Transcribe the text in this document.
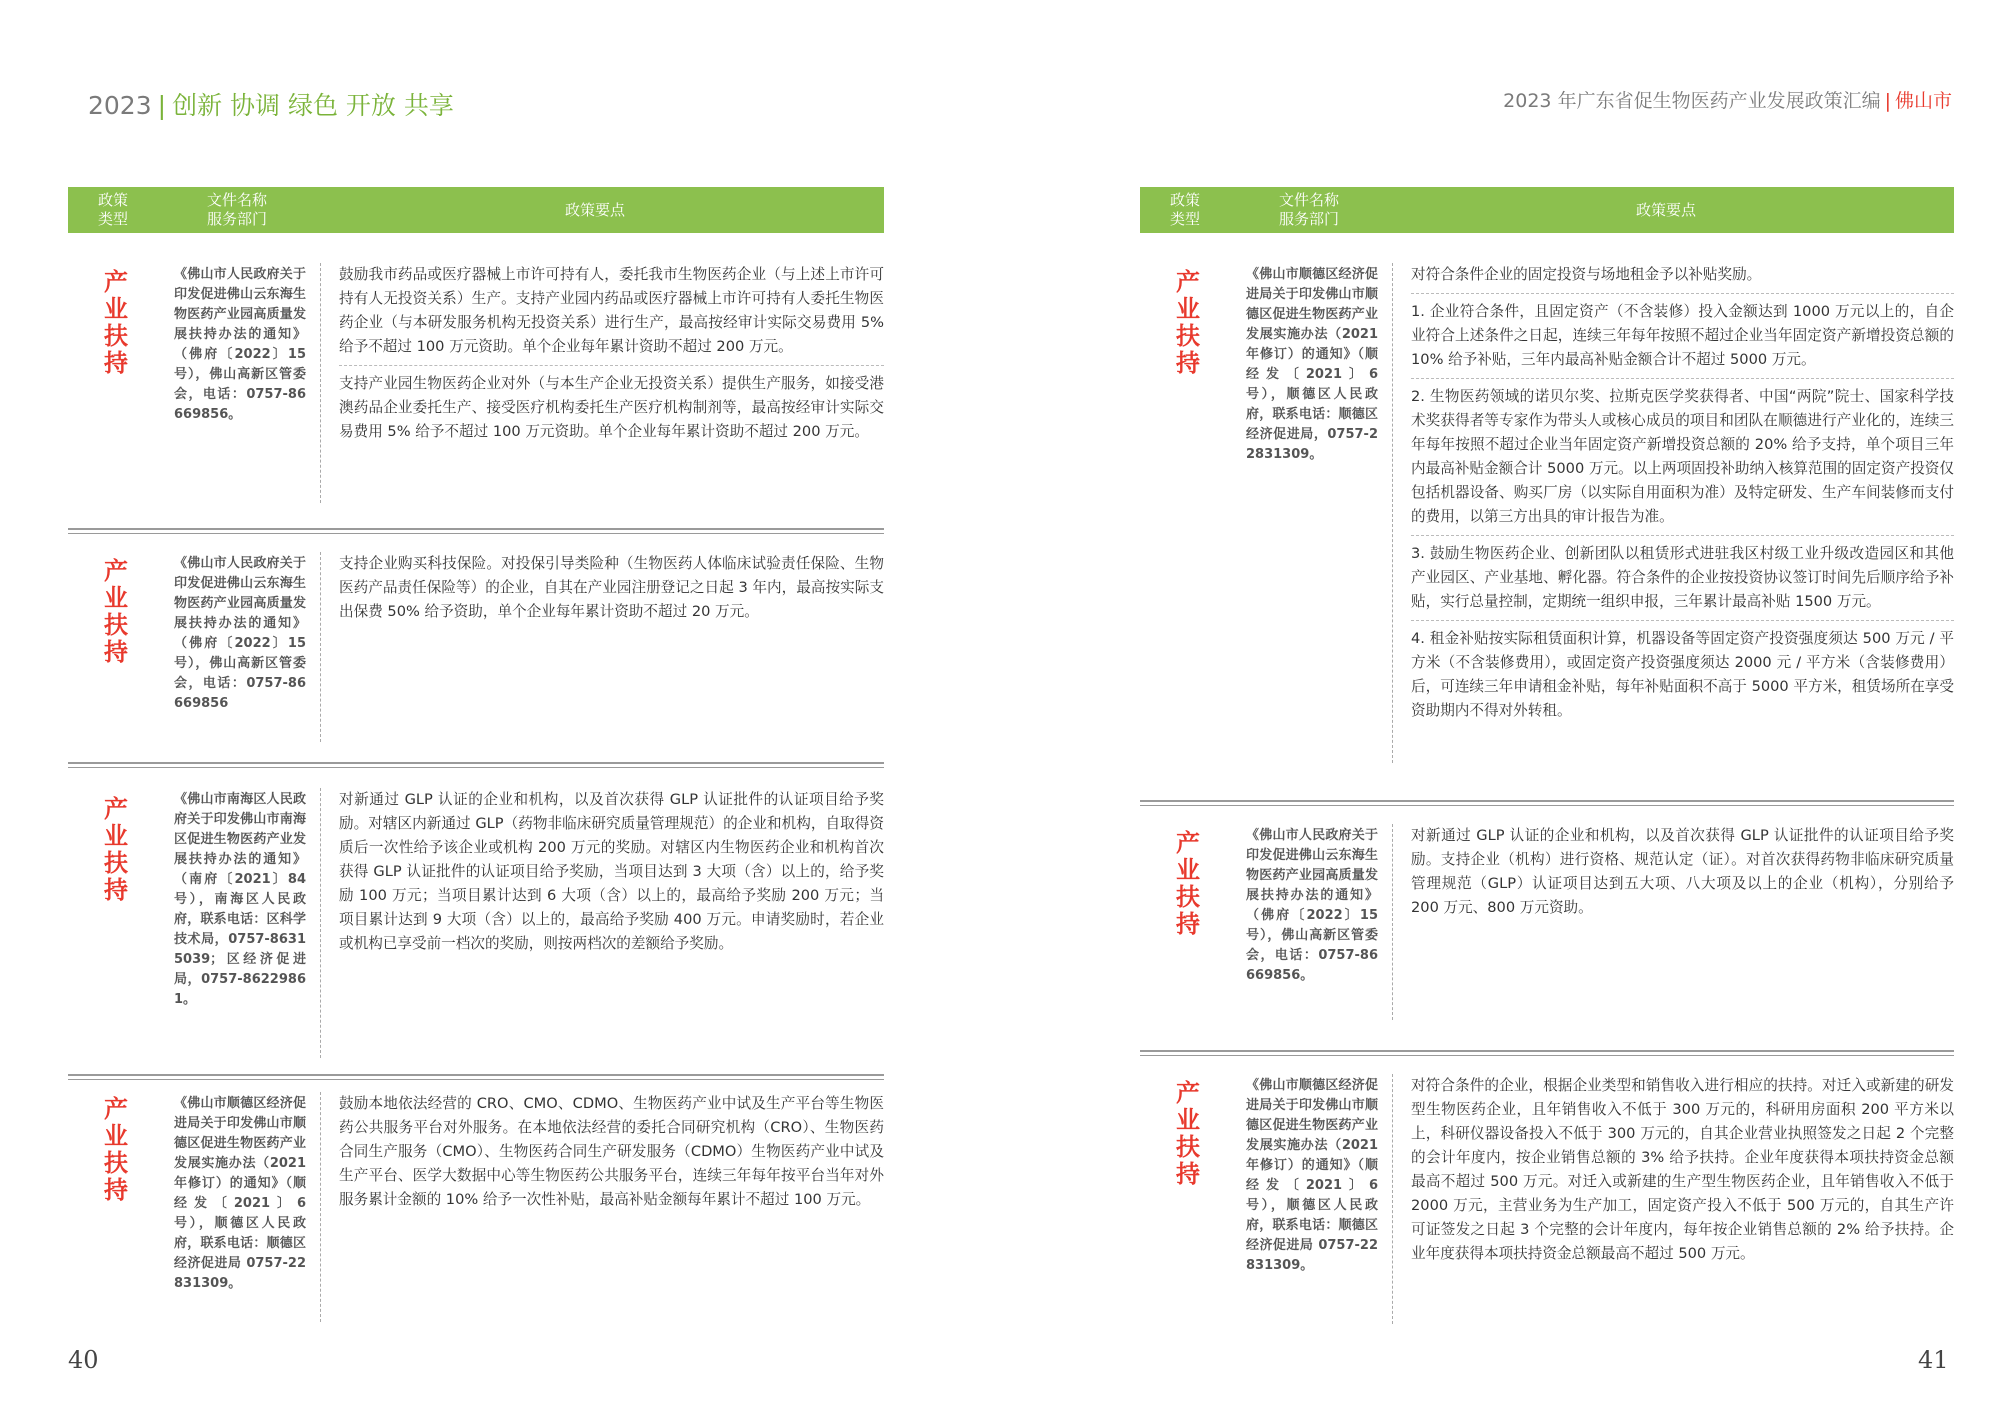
2023 | 创新 协调 绿色 开放 共享
政策
类型
文件名称
服务部门
政策要点
产业
扶持
《佛山市人民政府关于印发促进佛山云东海生物医药产业园高质量发展扶持办法的通知》（佛府〔2022〕15号），佛山高新区管委会，电话：0757-86669856。
鼓励我市药品或医疗器械上市许可持有人，委托我市生物医药企业（与上述上市许可持有人无投资关系）生产。支持产业园内药品或医疗器械上市许可持有人委托生物医药企业（与本研发服务机构无投资关系）进行生产，最高按经审计实际交易费用 5% 给予不超过 100 万元资助。单个企业每年累计资助不超过 200 万元。
支持产业园生物医药企业对外（与本生产企业无投资关系）提供生产服务，如接受港澳药品企业委托生产、接受医疗机构委托生产医疗机构制剂等，最高按经审计实际交易费用 5% 给予不超过 100 万元资助。单个企业每年累计资助不超过 200 万元。
产业
扶持
《佛山市人民政府关于印发促进佛山云东海生物医药产业园高质量发展扶持办法的通知》（佛府〔2022〕15号），佛山高新区管委会，电话：0757-86669856
支持企业购买科技保险。对投保引导类险种（生物医药人体临床试验责任保险、生物医药产品责任保险等）的企业，自其在产业园注册登记之日起 3 年内，最高按实际支出保费 50% 给予资助，单个企业每年累计资助不超过 20 万元。
产业
扶持
《佛山市南海区人民政府关于印发佛山市南海区促进生物医药产业发展扶持办法的通知》（南府〔2021〕84号），南海区人民政府，联系电话：区科学技术局，0757-86315039；区经济促进局，0757-86229861。
对新通过 GLP 认证的企业和机构，以及首次获得 GLP 认证批件的认证项目给予奖励。对辖区内新通过 GLP（药物非临床研究质量管理规范）的企业和机构，自取得资质后一次性给予该企业或机构 200 万元的奖励。对辖区内生物医药企业和机构首次获得 GLP 认证批件的认证项目给予奖励，当项目达到 3 大项（含）以上的，给予奖励 100 万元；当项目累计达到 6 大项（含）以上的，最高给予奖励 200 万元；当项目累计达到 9 大项（含）以上的，最高给予奖励 400 万元。申请奖励时，若企业或机构已享受前一档次的奖励，则按两档次的差额给予奖励。
产业
扶持
《佛山市顺德区经济促进局关于印发佛山市顺德区促进生物医药产业发展实施办法（2021 年修订）的通知》（顺经发〔2021〕6 号），顺德区人民政府，联系电话：顺德区经济促进局 0757-22831309。
鼓励本地依法经营的 CRO、CMO、CDMO、生物医药产业中试及生产平台等生物医药公共服务平台对外服务。在本地依法经营的委托合同研究机构（CRO）、生物医药合同生产服务（CMO）、生物医药合同生产研发服务（CDMO）生物医药产业中试及生产平台、医学大数据中心等生物医药公共服务平台，连续三年每年按平台当年对外服务累计金额的 10% 给予一次性补贴，最高补贴金额每年累计不超过 100 万元。
40
2023 年广东省促生物医药产业发展政策汇编 | 佛山市
政策
类型
文件名称
服务部门
政策要点
产业
扶持
《佛山市顺德区经济促进局关于印发佛山市顺德区促进生物医药产业发展实施办法（2021 年修订）的通知》（顺经发〔2021〕6 号），顺德区人民政府，联系电话：顺德区经济促进局，0757-22831309。
对符合条件企业的固定投资与场地租金予以补贴奖励。
1. 企业符合条件，且固定资产（不含装修）投入金额达到 1000 万元以上的，自企业符合上述条件之日起，连续三年每年按照不超过企业当年固定资产新增投资总额的 10% 给予补贴，三年内最高补贴金额合计不超过 5000 万元。
2. 生物医药领域的诺贝尔奖、拉斯克医学奖获得者、中国“两院”院士、国家科学技术奖获得者等专家作为带头人或核心成员的项目和团队在顺德进行产业化的，连续三年每年按照不超过企业当年固定资产新增投资总额的 20% 给予支持，单个项目三年内最高补贴金额合计 5000 万元。以上两项固投补助纳入核算范围的固定资产投资仅包括机器设备、购买厂房（以实际自用面积为准）及特定研发、生产车间装修而支付的费用，以第三方出具的审计报告为准。
3. 鼓励生物医药企业、创新团队以租赁形式进驻我区村级工业升级改造园区和其他产业园区、产业基地、孵化器。符合条件的企业按投资协议签订时间先后顺序给予补贴，实行总量控制，定期统一组织申报，三年累计最高补贴 1500 万元。
4. 租金补贴按实际租赁面积计算，机器设备等固定资产投资强度须达 500 万元 / 平方米（不含装修费用），或固定资产投资强度须达 2000 元 / 平方米（含装修费用）后，可连续三年申请租金补贴，每年补贴面积不高于 5000 平方米，租赁场所在享受资助期内不得对外转租。
产业
扶持
《佛山市人民政府关于印发促进佛山云东海生物医药产业园高质量发展扶持办法的通知》（佛府〔2022〕15号），佛山高新区管委会，电话：0757-86669856。
对新通过 GLP 认证的企业和机构，以及首次获得 GLP 认证批件的认证项目给予奖励。支持企业（机构）进行资格、规范认定（证）。对首次获得药物非临床研究质量管理规范（GLP）认证项目达到五大项、八大项及以上的企业（机构），分别给予 200 万元、800 万元资助。
产业
扶持
《佛山市顺德区经济促进局关于印发佛山市顺德区促进生物医药产业发展实施办法（2021 年修订）的通知》（顺经发〔2021〕6 号），顺德区人民政府，联系电话：顺德区经济促进局 0757-22831309。
对符合条件的企业，根据企业类型和销售收入进行相应的扶持。对迁入或新建的研发型生物医药企业，且年销售收入不低于 300 万元的，科研用房面积 200 平方米以上，科研仪器设备投入不低于 300 万元的，自其企业营业执照签发之日起 2 个完整的会计年度内，按企业销售总额的 3% 给予扶持。企业年度获得本项扶持资金总额最高不超过 500 万元。对迁入或新建的生产型生物医药企业，且年销售收入不低于 2000 万元，主营业务为生产加工，固定资产投入不低于 500 万元的，自其生产许可证签发之日起 3 个完整的会计年度内，每年按企业销售总额的 2% 给予扶持。企业年度获得本项扶持资金总额最高不超过 500 万元。
41
